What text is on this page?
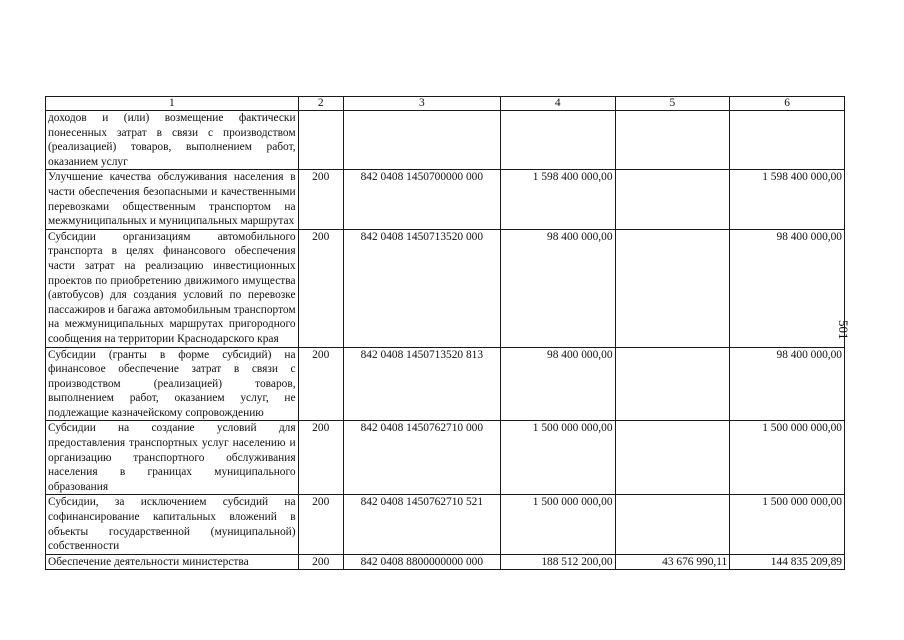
1	2	3	4	5	6
доходов и (или) возмещение фактически понесенных затрат в связи с производством (реализацией) товаров, выполнением работ, оказанием услуг					
Улучшение качества обслуживания населения в части обеспечения безопасными и качественными перевозками общественным транспортом на межмуниципальных и муниципальных маршрутах	200	842 0408 1450700000 000	1 598 400 000,00		1 598 400 000,00
Субсидии организациям автомобильного транспорта в целях финансового обеспечения части затрат на реализацию инвестиционных проектов по приобретению движимого имущества (автобусов) для создания условий по перевозке пассажиров и багажа автомобильным транспортом на межмуниципальных маршрутах пригородного сообщения на территории Краснодарского края	200	842 0408 1450713520 000	98 400 000,00		98 400 000,00
Субсидии (гранты в форме субсидий) на финансовое обеспечение затрат в связи с производством (реализацией) товаров, выполнением работ, оказанием услуг, не подлежащие казначейскому сопровождению	200	842 0408 1450713520 813	98 400 000,00		98 400 000,00
Субсидии на создание условий для предоставления транспортных услуг населению и организацию транспортного обслуживания населения в границах муниципального образования	200	842 0408 1450762710 000	1 500 000 000,00		1 500 000 000,00
Субсидии, за исключением субсидий на софинансирование капитальных вложений в объекты государственной (муниципальной) собственности	200	842 0408 1450762710 521	1 500 000 000,00		1 500 000 000,00
Обеспечение деятельности министерства	200	842 0408 8800000000 000	188 512 200,00	43 676 990,11	144 835 209,89
501
